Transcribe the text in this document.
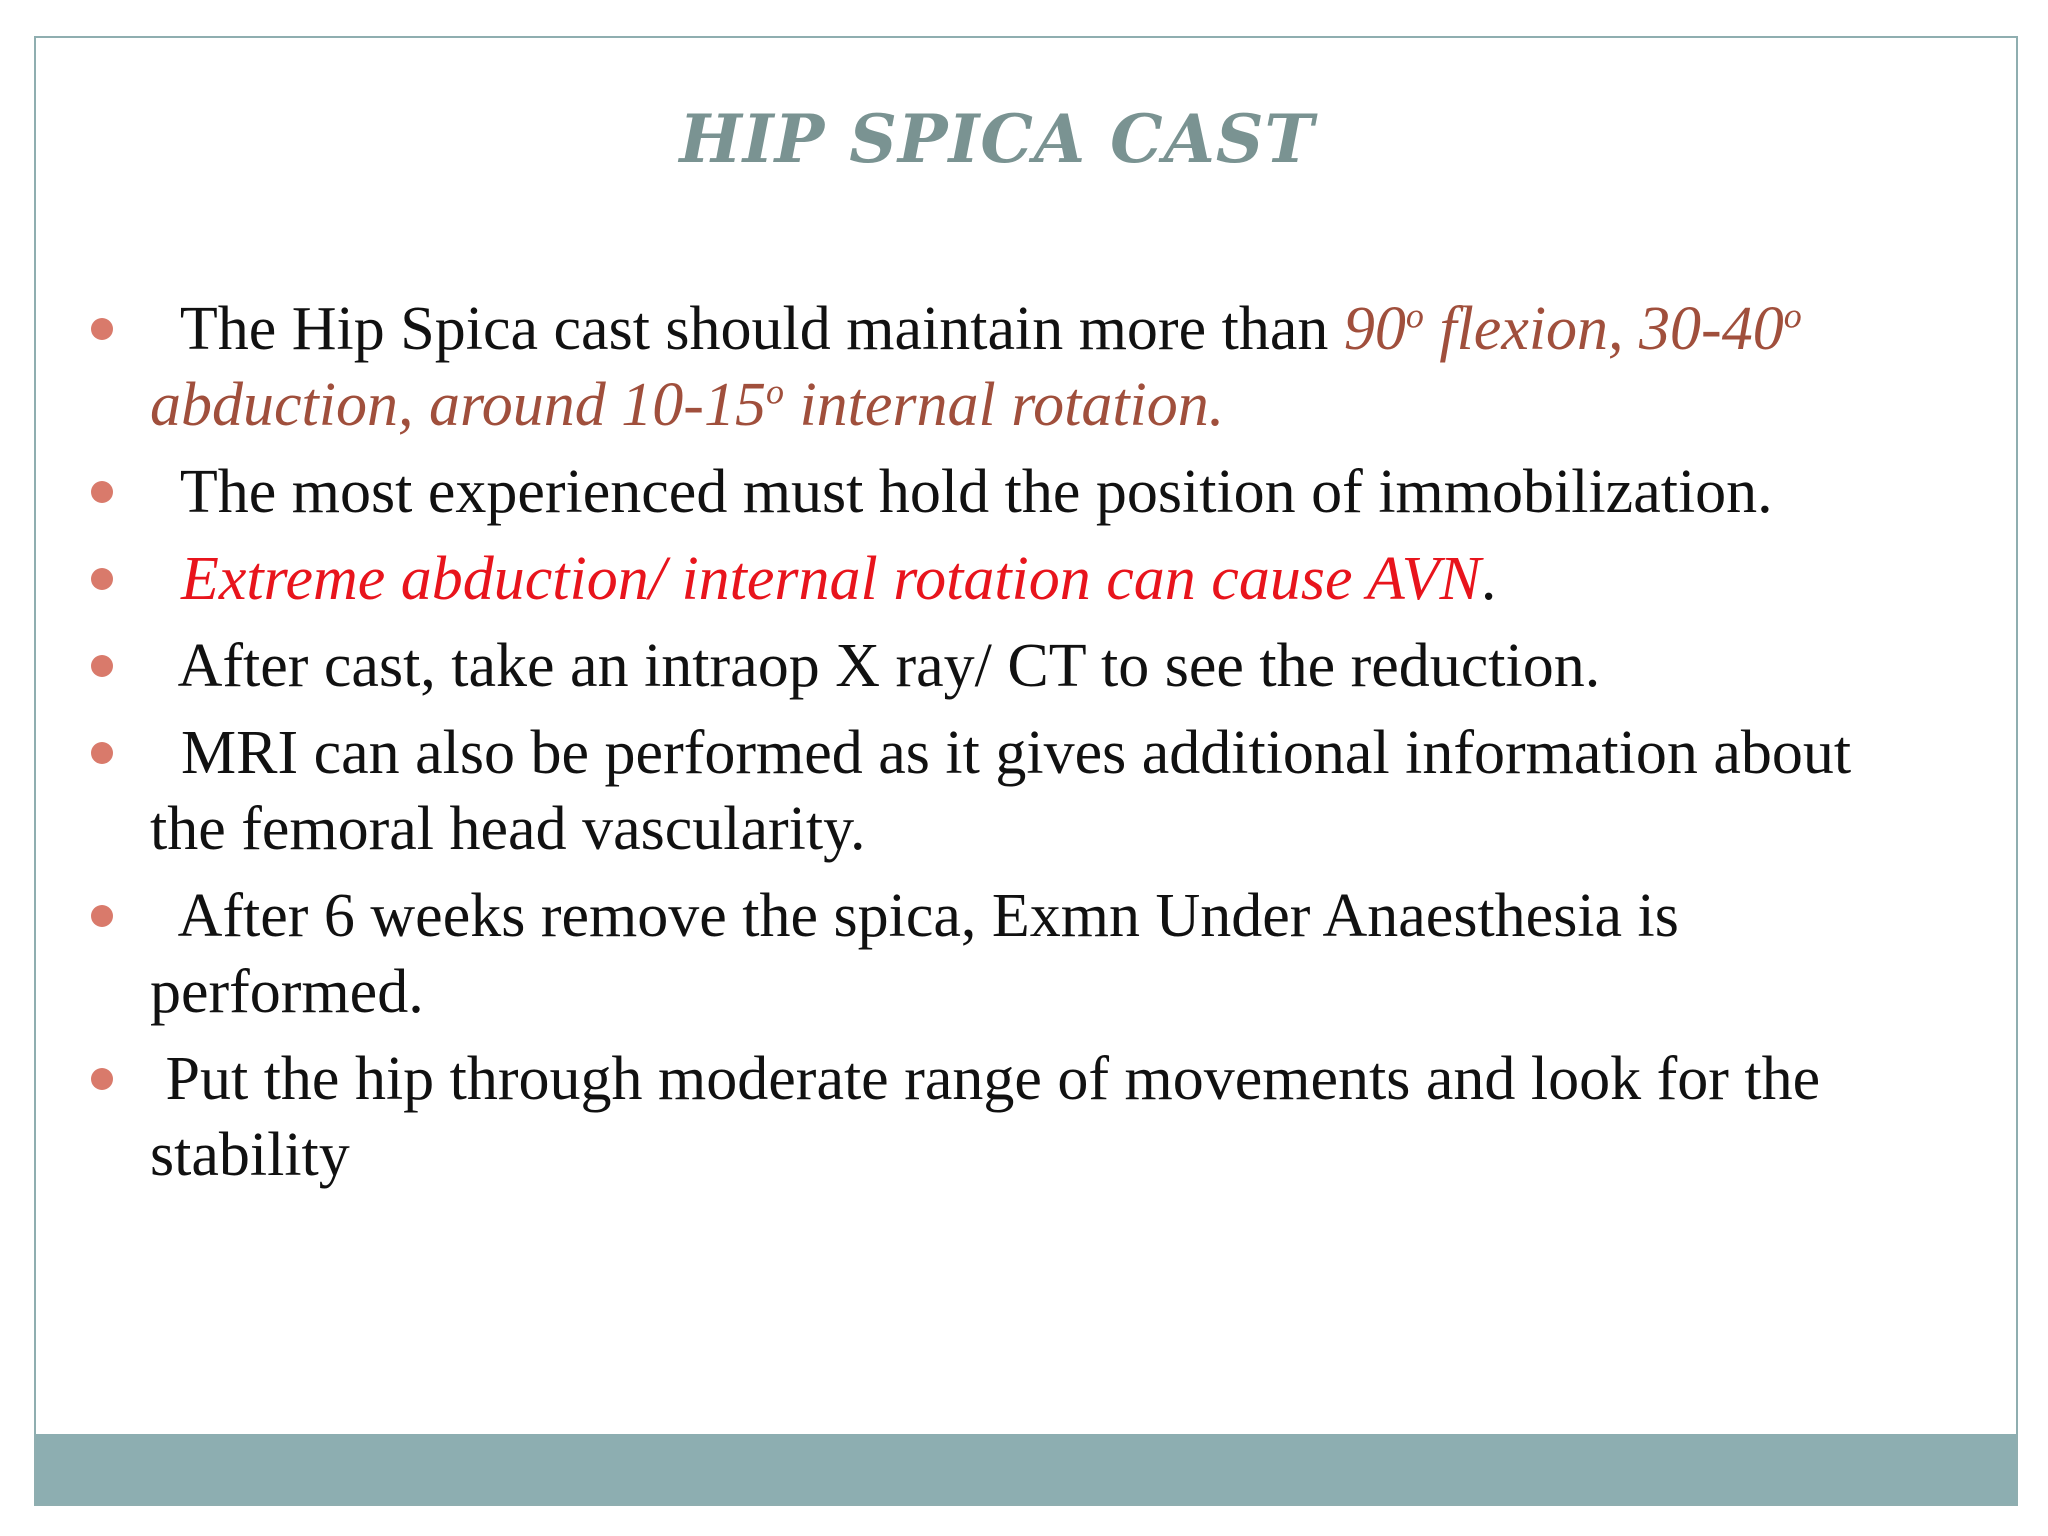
HIP SPICA CAST
The Hip Spica cast should maintain more than 90$^o$ flexion, 30-40$^o$    abduction, around 10-15$^o$ internal rotation.
The most experienced must hold the position of immobilization.
Extreme abduction/ internal rotation can cause AVN.
After cast, take an intraop X ray/ CT to see the reduction.
MRI can also be performed as it gives additional information about the femoral head vascularity.
After 6 weeks remove the spica, Exmn Under Anaesthesia is performed.
Put the hip through moderate range of movements and look for the stability
